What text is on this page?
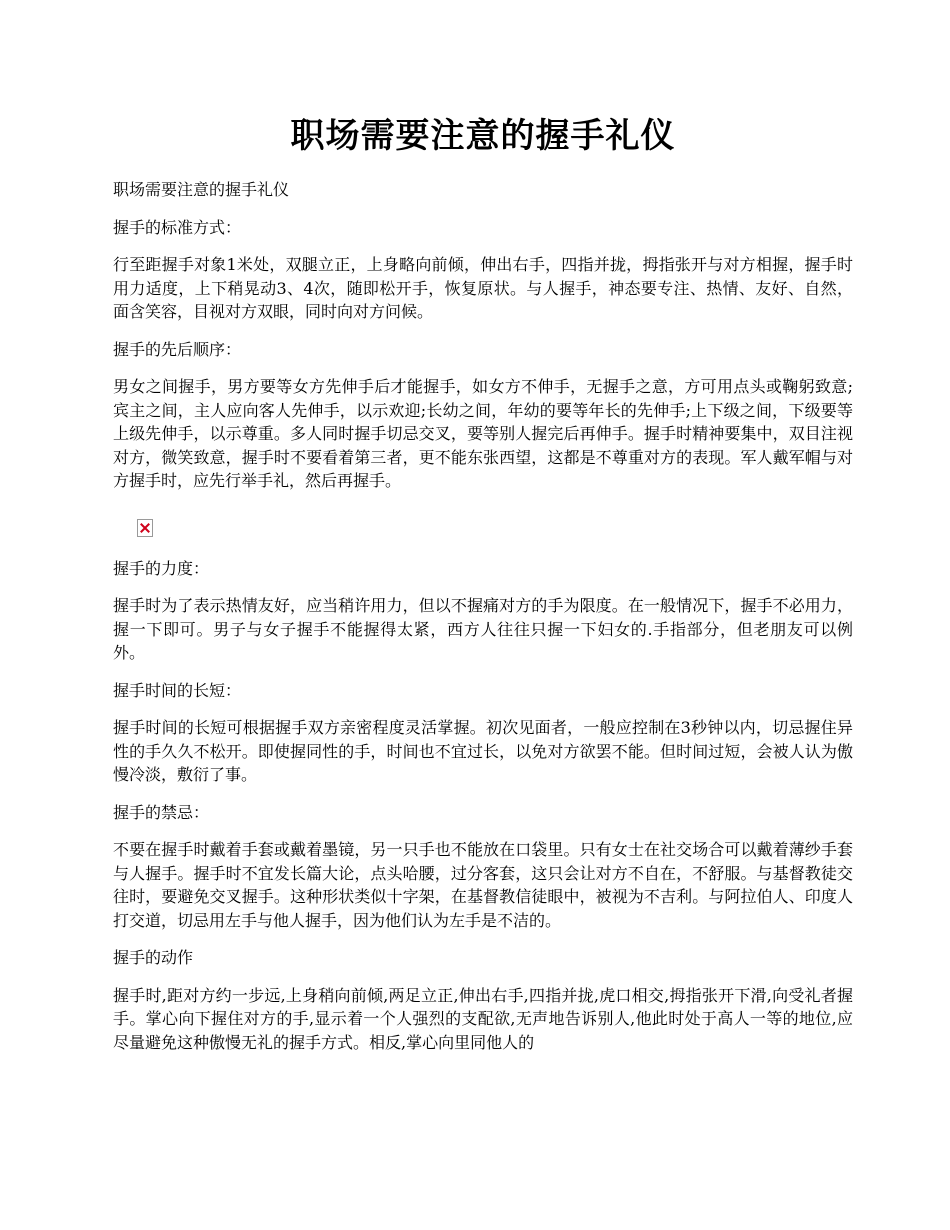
职场需要注意的握手礼仪

职场需要注意的握手礼仪

握手的标准方式：

行至距握手对象1米处，双腿立正，上身略向前倾，伸出右手，四指并拢，拇指张开与对方相握，握手时用力适度，上下稍晃动3、4次，随即松开手，恢复原状。与人握手，神态要专注、热情、友好、自然，面含笑容，目视对方双眼，同时向对方问候。

握手的先后顺序：

男女之间握手，男方要等女方先伸手后才能握手，如女方不伸手，无握手之意，方可用点头或鞠躬致意;宾主之间，主人应向客人先伸手，以示欢迎;长幼之间，年幼的要等年长的先伸手;上下级之间，下级要等上级先伸手，以示尊重。多人同时握手切忌交叉，要等别人握完后再伸手。握手时精神要集中，双目注视对方，微笑致意，握手时不要看着第三者，更不能东张西望，这都是不尊重对方的表现。军人戴军帽与对方握手时，应先行举手礼，然后再握手。

握手的力度：

握手时为了表示热情友好，应当稍许用力，但以不握痛对方的手为限度。在一般情况下，握手不必用力，握一下即可。男子与女子握手不能握得太紧，西方人往往只握一下妇女的.手指部分，但老朋友可以例外。

握手时间的长短：

握手时间的长短可根据握手双方亲密程度灵活掌握。初次见面者，一般应控制在3秒钟以内，切忌握住异性的手久久不松开。即使握同性的手，时间也不宜过长，以免对方欲罢不能。但时间过短，会被人认为傲慢冷淡，敷衍了事。

握手的禁忌：

不要在握手时戴着手套或戴着墨镜，另一只手也不能放在口袋里。只有女士在社交场合可以戴着薄纱手套与人握手。握手时不宜发长篇大论，点头哈腰，过分客套，这只会让对方不自在，不舒服。与基督教徒交往时，要避免交叉握手。这种形状类似十字架，在基督教信徒眼中，被视为不吉利。与阿拉伯人、印度人打交道，切忌用左手与他人握手，因为他们认为左手是不洁的。

握手的动作

握手时,距对方约一步远,上身稍向前倾,两足立正,伸出右手,四指并拢,虎口相交,拇指张开下滑,向受礼者握手。掌心向下握住对方的手,显示着一个人强烈的支配欲,无声地告诉别人,他此时处于高人一等的地位,应尽量避免这种傲慢无礼的握手方式。相反,掌心向里同他人的
